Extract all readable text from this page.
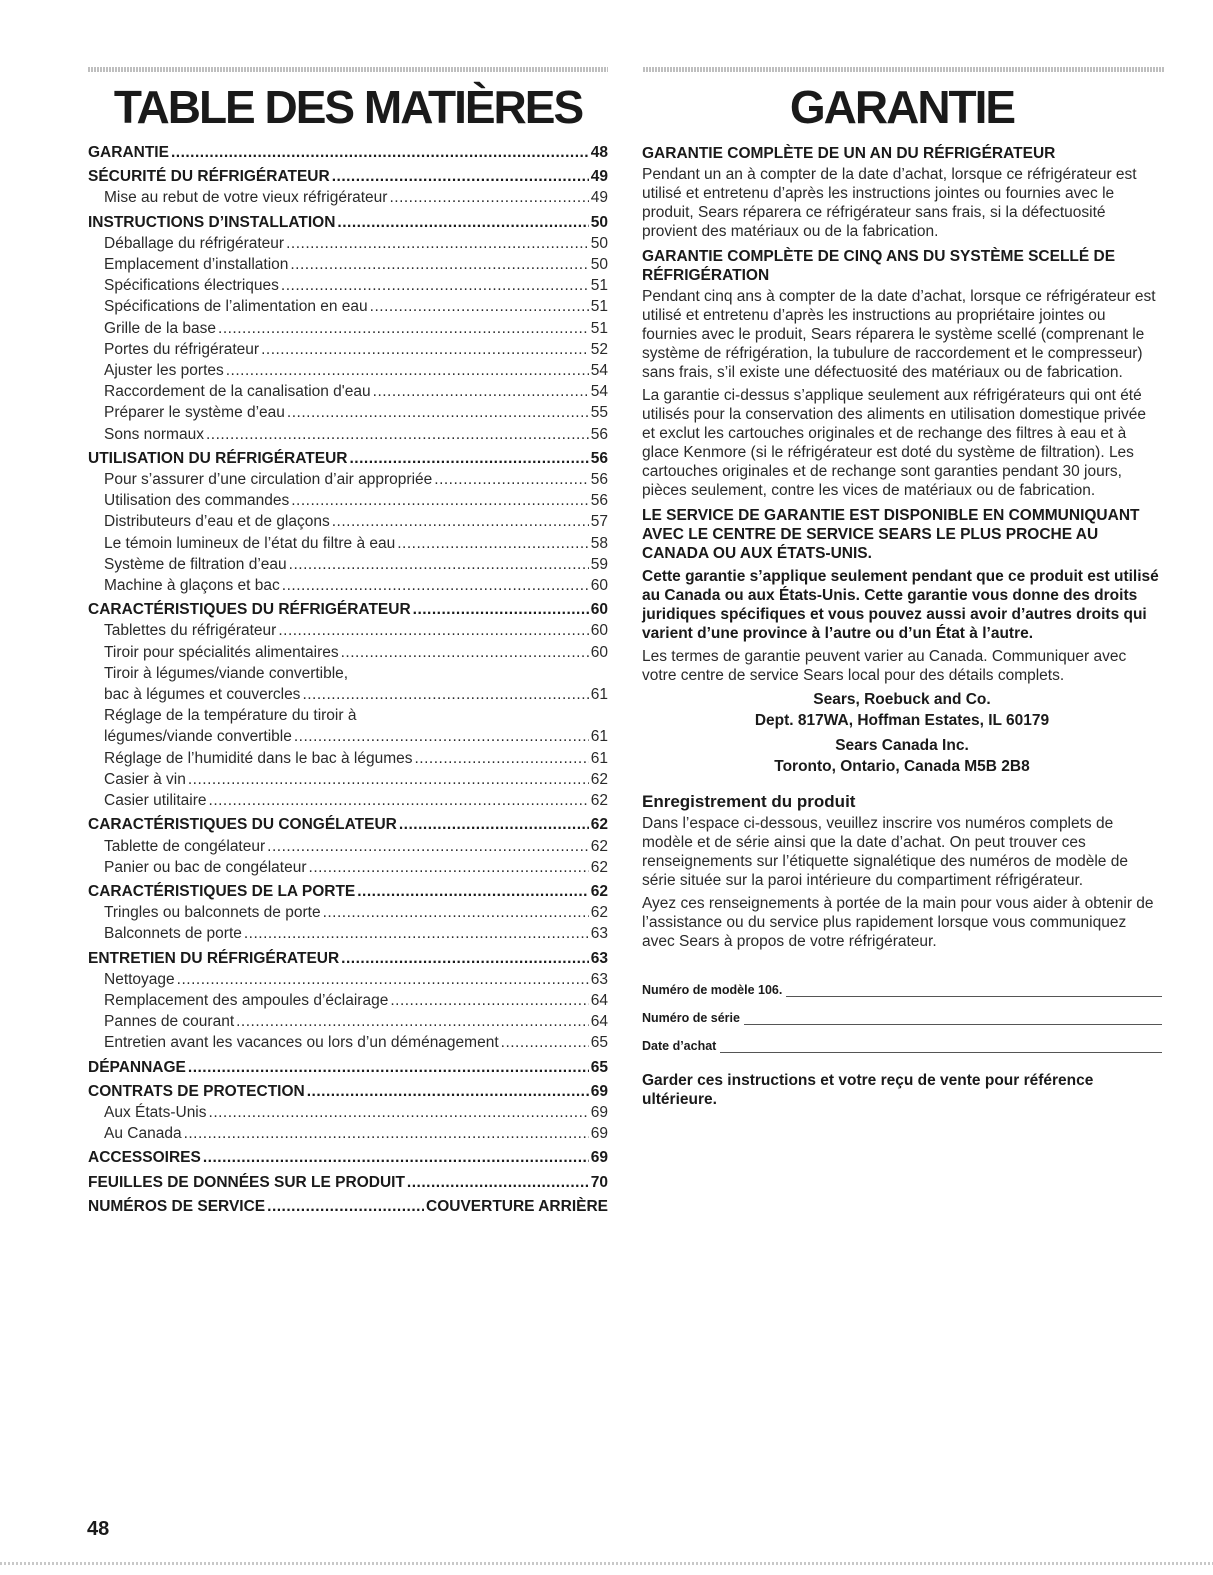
TABLE DES MATIÈRES
GARANTIE .....	48
SÉCURITÉ DU RÉFRIGÉRATEUR .....	49
Mise au rebut de votre vieux réfrigérateur .....	49
INSTRUCTIONS D’INSTALLATION .....	50
Déballage du réfrigérateur .....	50
Emplacement d’installation .....	50
Spécifications électriques .....	51
Spécifications de l’alimentation en eau .....	51
Grille de la base .....	51
Portes du réfrigérateur .....	52
Ajuster les portes .....	54
Raccordement de la canalisation d'eau .....	54
Préparer le système d’eau .....	55
Sons normaux .....	56
UTILISATION DU RÉFRIGÉRATEUR .....	56
Pour s’assurer d’une circulation d’air appropriée .....	56
Utilisation des commandes .....	56
Distributeurs d’eau et de glaçons .....	57
Le témoin lumineux de l’état du filtre à eau .....	58
Système de filtration d’eau .....	59
Machine à glaçons et bac .....	60
CARACTÉRISTIQUES DU RÉFRIGÉRATEUR .....	60
Tablettes du réfrigérateur .....	60
Tiroir pour spécialités alimentaires .....	60
Tiroir à légumes/viande convertible,
bac à légumes et couvercles .....	61
Réglage de la température du tiroir à
légumes/viande convertible .....	61
Réglage de l’humidité dans le bac à légumes .....	61
Casier à vin .....	62
Casier utilitaire .....	62
CARACTÉRISTIQUES DU CONGÉLATEUR .....	62
Tablette de congélateur .....	62
Panier ou bac de congélateur .....	62
CARACTÉRISTIQUES DE LA PORTE .....	62
Tringles ou balconnets de porte .....	62
Balconnets de porte .....	63
ENTRETIEN DU RÉFRIGÉRATEUR .....	63
Nettoyage .....	63
Remplacement des ampoules d’éclairage .....	64
Pannes de courant .....	64
Entretien avant les vacances ou lors d’un déménagement .....	65
DÉPANNAGE .....	65
CONTRATS DE PROTECTION .....	69
Aux États-Unis .....	69
Au Canada .....	69
ACCESSOIRES .....	69
FEUILLES DE DONNÉES SUR LE PRODUIT .....	70
NUMÉROS DE SERVICE .....	COUVERTURE ARRIÈRE
GARANTIE
GARANTIE COMPLÈTE DE UN AN DU RÉFRIGÉRATEUR
Pendant un an à compter de la date d’achat, lorsque ce réfrigérateur est utilisé et entretenu d’après les instructions jointes ou fournies avec le produit, Sears réparera ce réfrigérateur sans frais, si la défectuosité provient des matériaux ou de la fabrication.
GARANTIE COMPLÈTE DE CINQ ANS DU SYSTÈME SCELLÉ DE RÉFRIGÉRATION
Pendant cinq ans à compter de la date d’achat, lorsque ce réfrigérateur est utilisé et entretenu d’après les instructions au propriétaire jointes ou fournies avec le produit, Sears réparera le système scellé (comprenant le système de réfrigération, la tubulure de raccordement et le compresseur) sans frais, s’il existe une défectuosité des matériaux ou de fabrication.
La garantie ci-dessus s’applique seulement aux réfrigérateurs qui ont été utilisés pour la conservation des aliments en utilisation domestique privée et exclut les cartouches originales et de rechange des filtres à eau et à glace Kenmore (si le réfrigérateur est doté du système de filtration). Les cartouches originales et de rechange sont garanties pendant 30 jours, pièces seulement, contre les vices de matériaux ou de fabrication.
LE SERVICE DE GARANTIE EST DISPONIBLE EN COMMUNIQUANT AVEC LE CENTRE DE SERVICE SEARS LE PLUS PROCHE AU CANADA OU AUX ÉTATS-UNIS.
Cette garantie s’applique seulement pendant que ce produit est utilisé au Canada ou aux États-Unis. Cette garantie vous donne des droits juridiques spécifiques et vous pouvez aussi avoir d’autres droits qui varient d’une province à l’autre ou d’un État à l’autre.
Les termes de garantie peuvent varier au Canada. Communiquer avec votre centre de service Sears local pour des détails complets.
Sears, Roebuck and Co.
Dept. 817WA, Hoffman Estates, IL 60179
Sears Canada Inc.
Toronto, Ontario, Canada M5B 2B8
Enregistrement du produit
Dans l’espace ci-dessous, veuillez inscrire vos numéros complets de modèle et de série ainsi que la date d’achat. On peut trouver ces renseignements sur l’étiquette signalétique des numéros de modèle de série située sur la paroi intérieure du compartiment réfrigérateur.
Ayez ces renseignements à portée de la main pour vous aider à obtenir de l’assistance ou du service plus rapidement lorsque vous communiquez avec Sears à propos de votre réfrigérateur.
Numéro de modèle 106.
Numéro de série
Date d’achat
Garder ces instructions et votre reçu de vente pour référence ultérieure.
48
